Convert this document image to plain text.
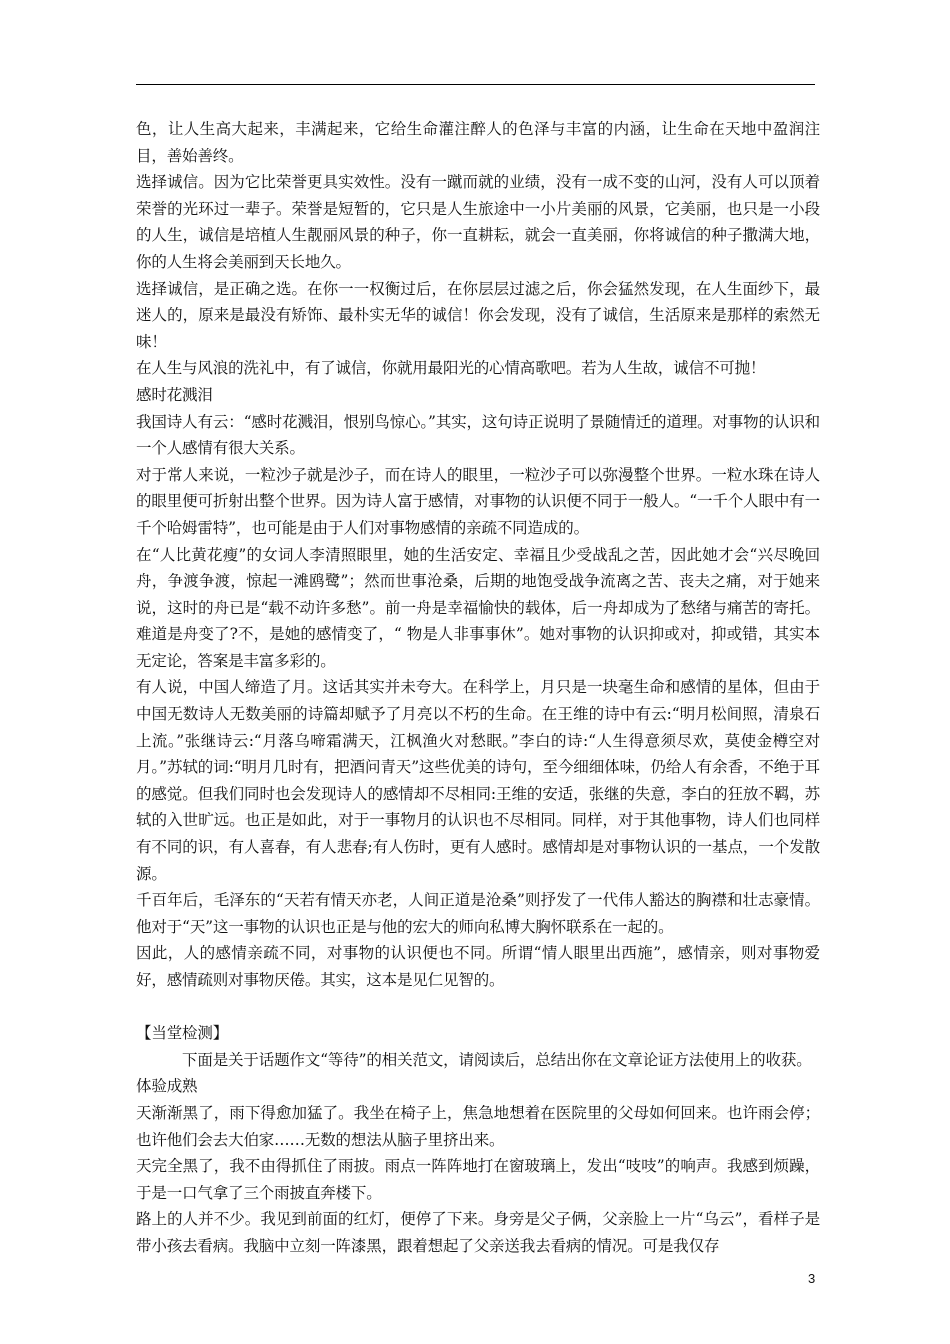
色，让人生高大起来，丰满起来，它给生命灌注醉人的色泽与丰富的内涵，让生命在天地中盈润注目，善始善终。

选择诚信。因为它比荣誉更具实效性。没有一蹴而就的业绩，没有一成不变的山河，没有人可以顶着荣誉的光环过一辈子。荣誉是短暂的，它只是人生旅途中一小片美丽的风景，它美丽，也只是一小段的人生，诚信是培植人生靓丽风景的种子，你一直耕耘，就会一直美丽，你将诚信的种子撒满大地，你的人生将会美丽到天长地久。

选择诚信，是正确之选。在你一一权衡过后，在你层层过滤之后，你会猛然发现，在人生面纱下，最迷人的，原来是最没有矫饰、最朴实无华的诚信！你会发现，没有了诚信，生活原来是那样的索然无味！

在人生与风浪的洗礼中，有了诚信，你就用最阳光的心情高歌吧。若为人生故，诚信不可抛！

感时花溅泪

我国诗人有云：“感时花溅泪，恨别鸟惊心。”其实，这句诗正说明了景随情迁的道理。对事物的认识和一个人感情有很大关系。

对于常人来说，一粒沙子就是沙子，而在诗人的眼里，一粒沙子可以弥漫整个世界。一粒水珠在诗人的眼里便可折射出整个世界。因为诗人富于感情，对事物的认识便不同于一般人。“一千个人眼中有一千个哈姆雷特”，也可能是由于人们对事物感情的亲疏不同造成的。

在“人比黄花瘦”的女词人李清照眼里，她的生活安定、幸福且少受战乱之苦，因此她才会“兴尽晚回舟，争渡争渡，惊起一滩鸥鹭”；然而世事沧桑，后期的地饱受战争流离之苦、丧夫之痛，对于她来说，这时的舟已是“载不动许多愁”。前一舟是幸福愉快的载体，后一舟却成为了愁绪与痛苦的寄托。难道是舟变了?不，是她的感情变了，“ 物是人非事事休”。她对事物的认识抑或对，抑或错，其实本无定论，答案是丰富多彩的。

有人说，中国人缔造了月。这话其实并未夸大。在科学上，月只是一块毫生命和感情的星体，但由于中国无数诗人无数美丽的诗篇却赋予了月亮以不朽的生命。在王维的诗中有云:“明月松间照，清泉石上流。”张继诗云:“月落乌啼霜满天，江枫渔火对愁眠。”李白的诗:“人生得意须尽欢，莫使金樽空对月。”苏轼的词:“明月几时有，把酒问青天”这些优美的诗句，至今细细体味，仍给人有余香，不绝于耳的感觉。但我们同时也会发现诗人的感情却不尽相同:王维的安适，张继的失意，李白的狂放不羁，苏轼的入世旷远。也正是如此，对于一事物月的认识也不尽相同。同样，对于其他事物，诗人们也同样有不同的识，有人喜春，有人悲春;有人伤时，更有人感时。感情却是对事物认识的一基点，一个发散源。

千百年后，毛泽东的“天若有情天亦老，人间正道是沧桑”则抒发了一代伟人豁达的胸襟和壮志豪情。他对于“天”这一事物的认识也正是与他的宏大的师向私博大胸怀联系在一起的。

因此，人的感情亲疏不同，对事物的认识便也不同。所谓“情人眼里出西施”，感情亲，则对事物爱好，感情疏则对事物厌倦。其实，这本是见仁见智的。

【当堂检测】

下面是关于话题作文“等待”的相关范文，请阅读后，总结出你在文章论证方法使用上的收获。

体验成熟

天渐渐黑了，雨下得愈加猛了。我坐在椅子上，焦急地想着在医院里的父母如何回来。也许雨会停；也许他们会去大伯家……无数的想法从脑子里挤出来。

天完全黑了，我不由得抓住了雨披。雨点一阵阵地打在窗玻璃上，发出“吱吱”的响声。我感到烦躁，于是一口气拿了三个雨披直奔楼下。

路上的人并不少。我见到前面的红灯，便停了下来。身旁是父子俩，父亲脸上一片“乌云”，看样子是带小孩去看病。我脑中立刻一阵漆黑，跟着想起了父亲送我去看病的情况。可是我仅存

3
